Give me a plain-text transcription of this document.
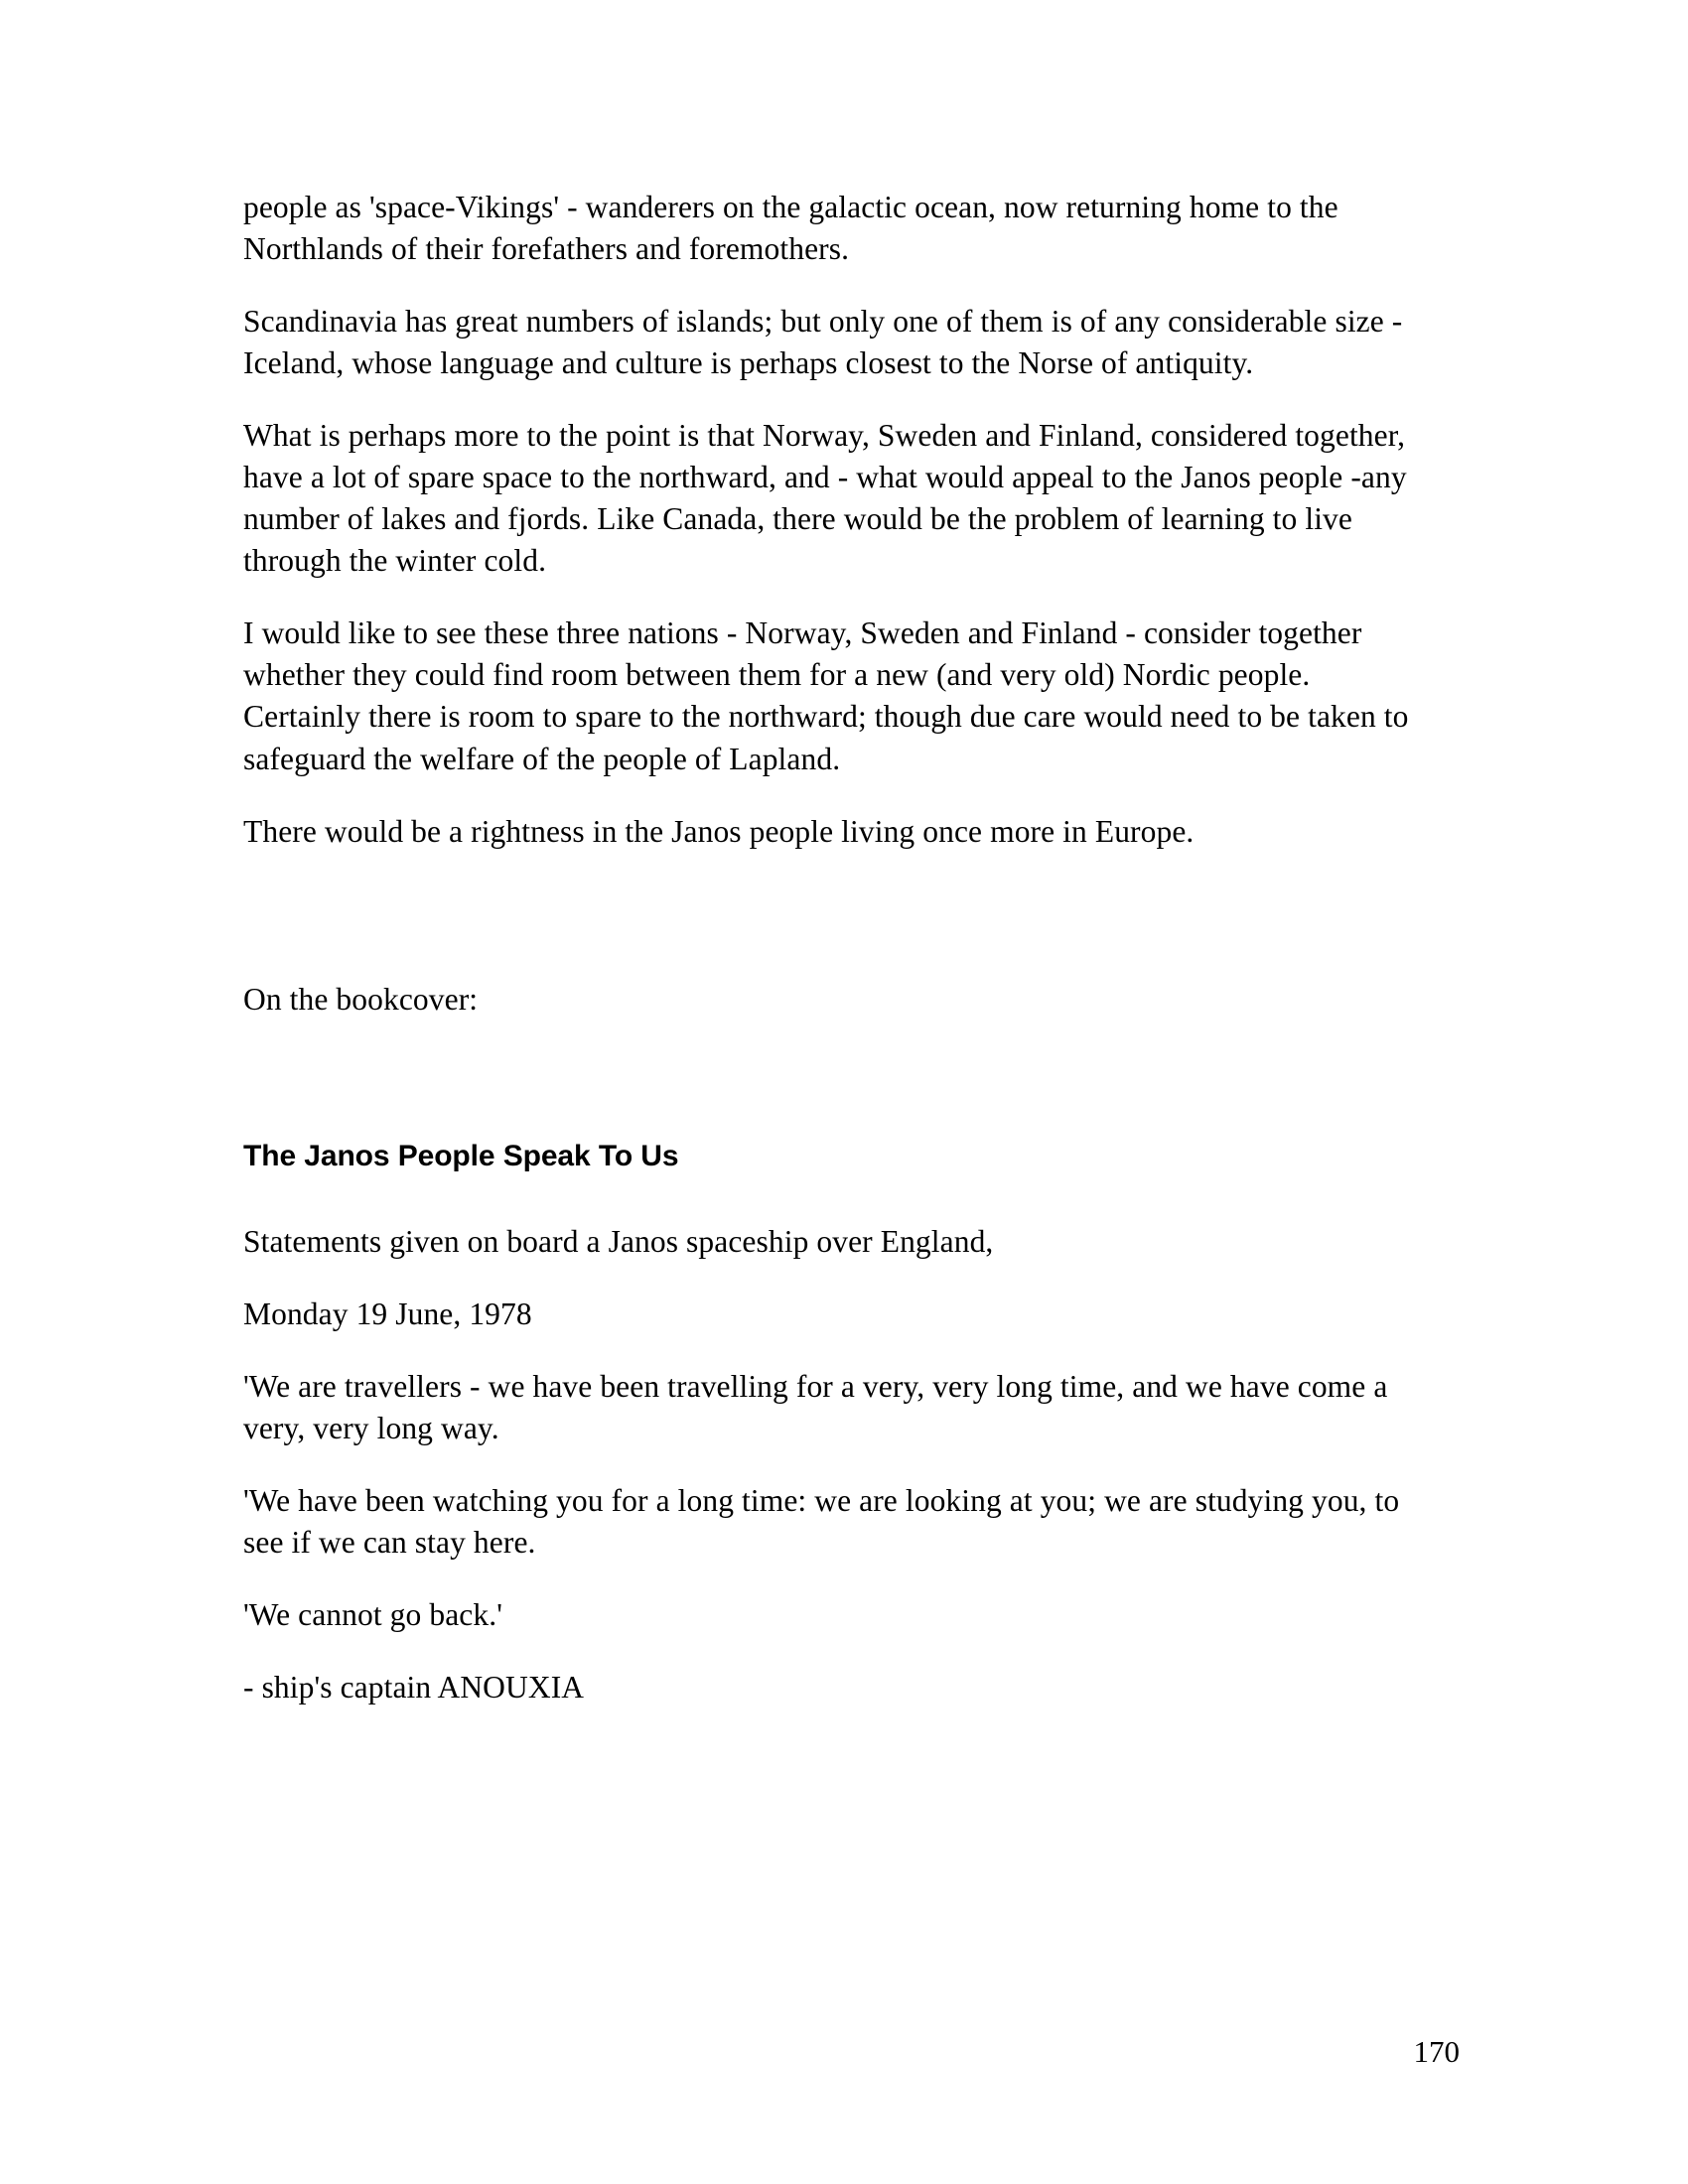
people as 'space-Vikings' - wanderers on the galactic ocean, now returning home to the Northlands of their forefathers and foremothers.

Scandinavia has great numbers of islands; but only one of them is of any considerable size - Iceland, whose language and culture is perhaps closest to the Norse of antiquity.

What is perhaps more to the point is that Norway, Sweden and Finland, considered together, have a lot of spare space to the northward, and - what would appeal to the Janos people -any number of lakes and fjords. Like Canada, there would be the problem of learning to live through the winter cold.

I would like to see these three nations - Norway, Sweden and Finland - consider together whether they could find room between them for a new (and very old) Nordic people. Certainly there is room to spare to the northward; though due care would need to be taken to safeguard the welfare of the people of Lapland.

There would be a rightness in the Janos people living once more in Europe.

On the bookcover:

The Janos People Speak To Us

Statements given on board a Janos spaceship over England,

Monday 19 June, 1978

'We are travellers - we have been travelling for a very, very long time, and we have come a very, very long way.

'We have been watching you for a long time: we are looking at you; we are studying you, to see if we can stay here.

'We cannot go back.'

- ship's captain ANOUXIA

170
